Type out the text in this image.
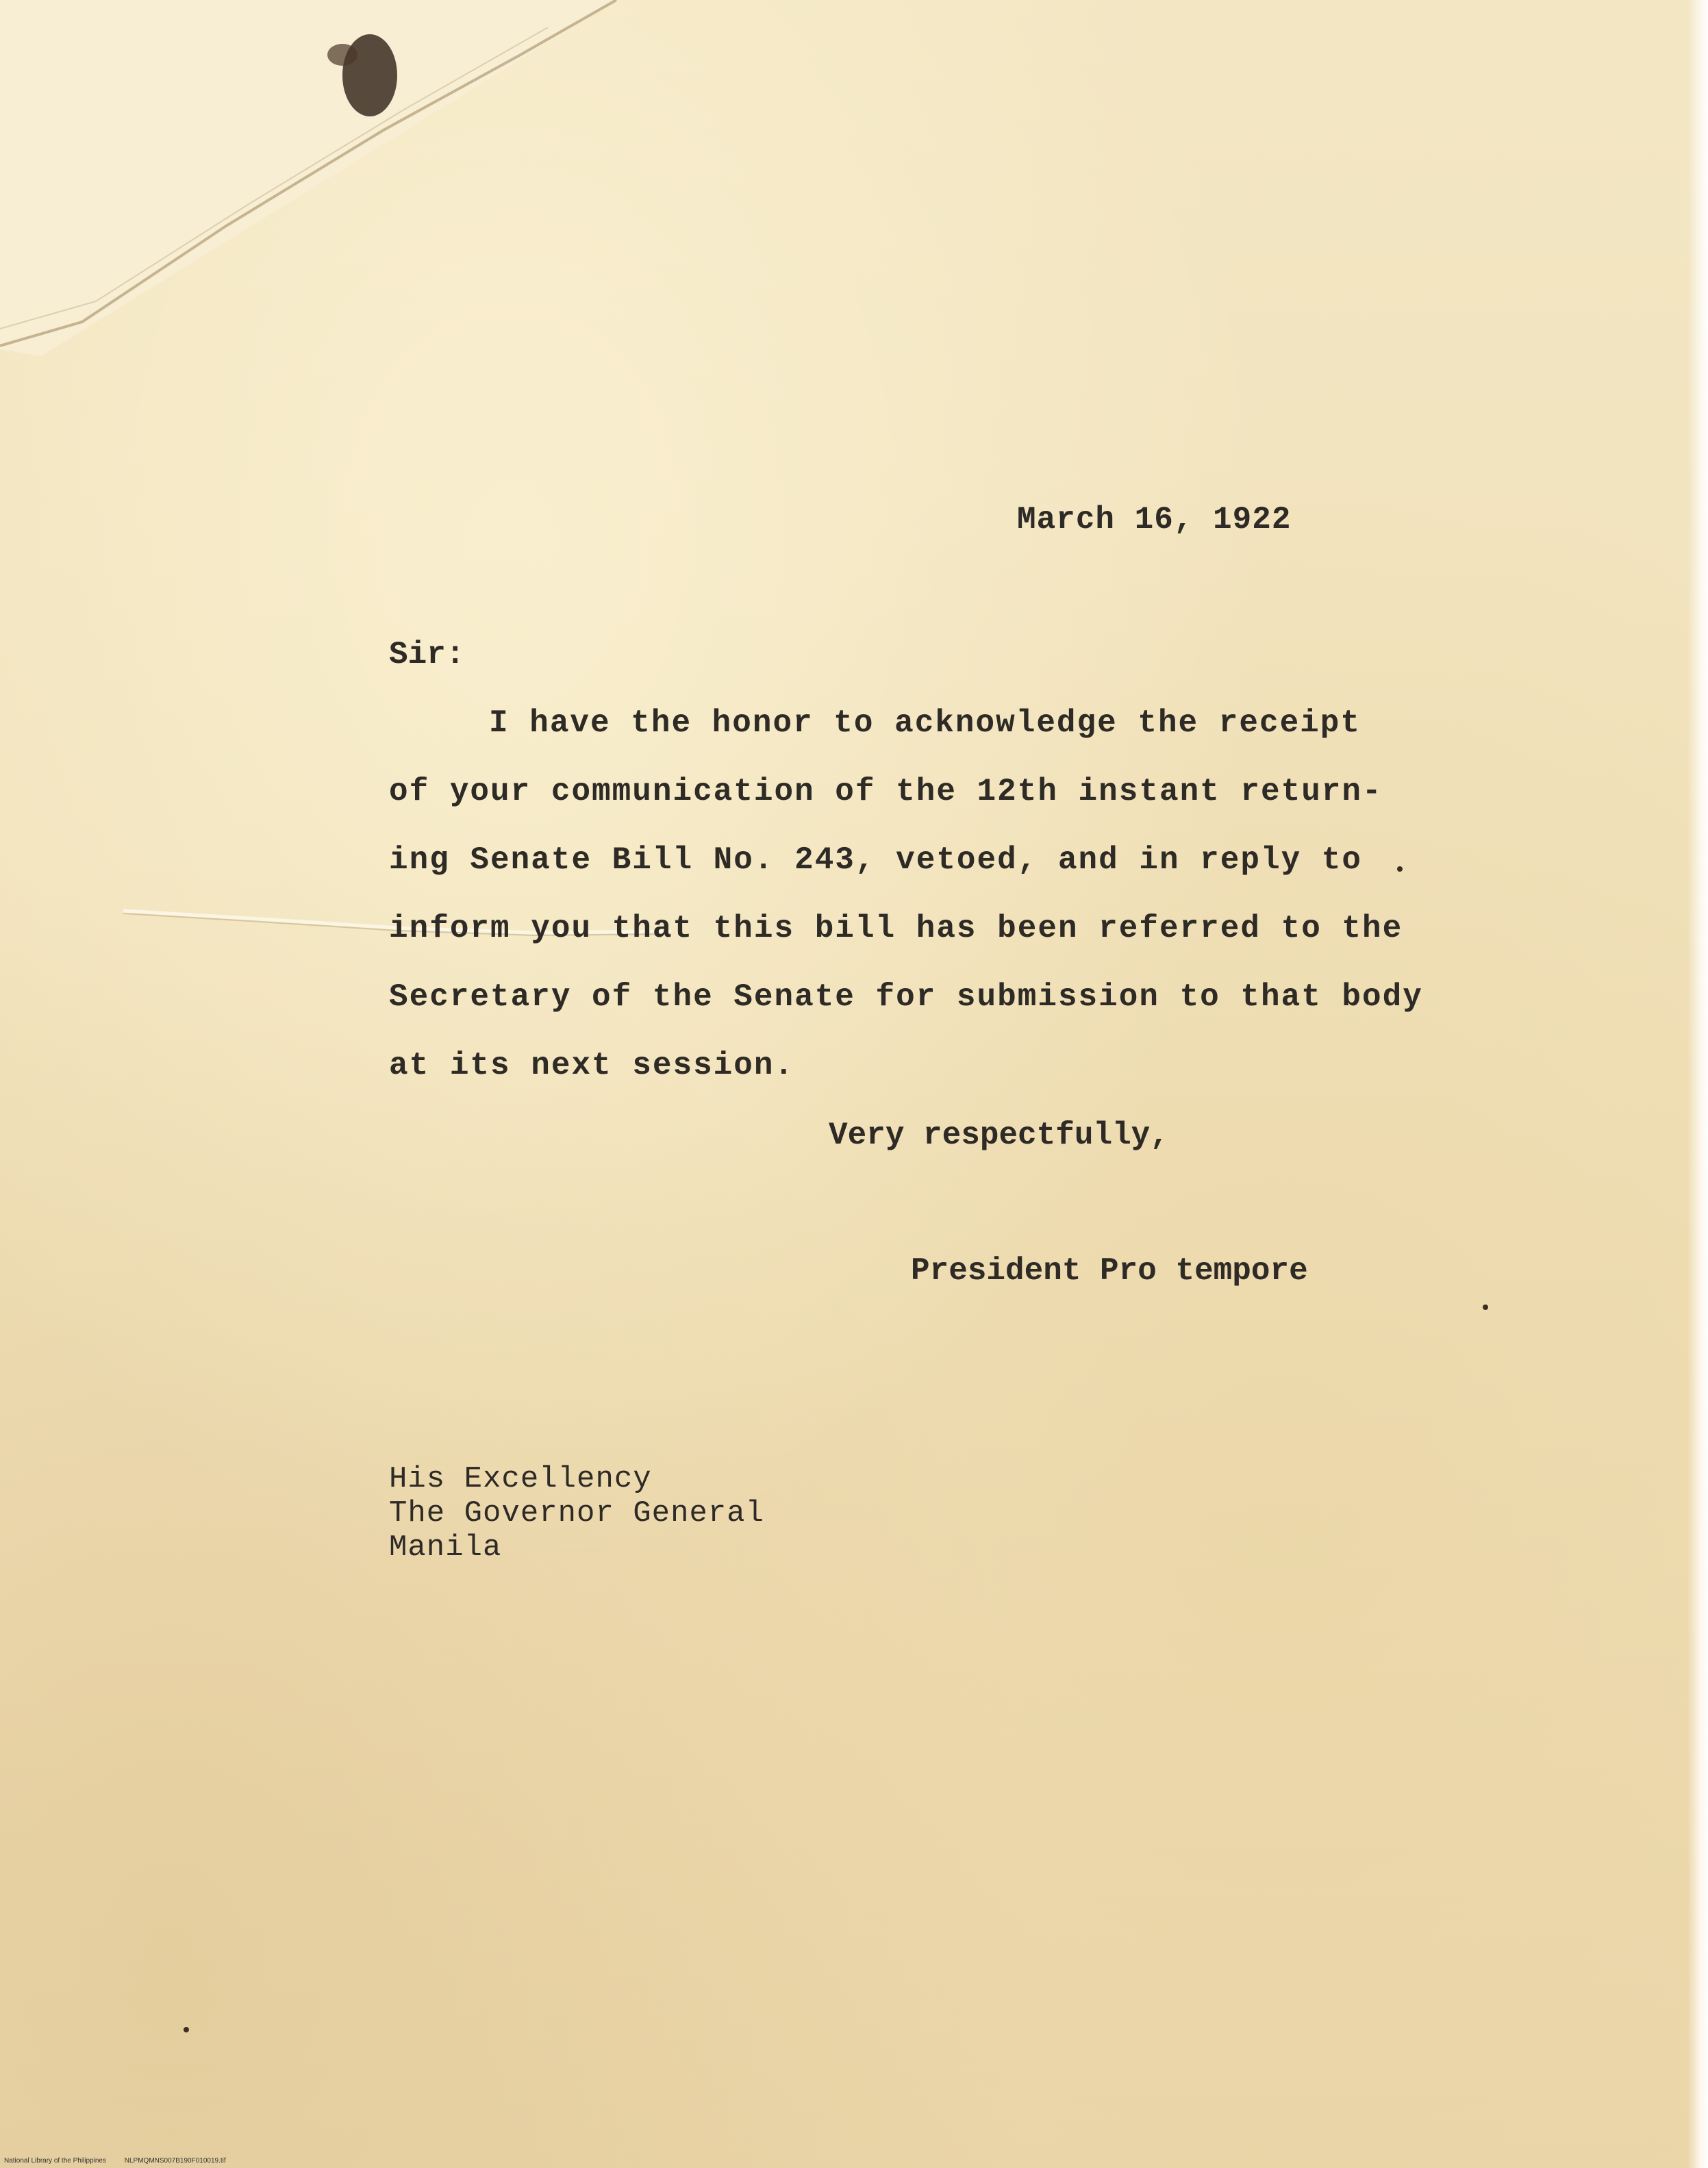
March 16, 1922
Sir:
I have the honor to acknowledge the receipt
of your communication of the 12th instant return-
ing Senate Bill No. 243, vetoed, and in reply to
inform you that this bill has been referred to the
Secretary of the Senate for submission to that body
at its next session.
Very respectfully,
President Pro tempore
His Excellency
The Governor General
Manila
National Library of the Philippines	NLPMQMNS007B190F010019.tif
